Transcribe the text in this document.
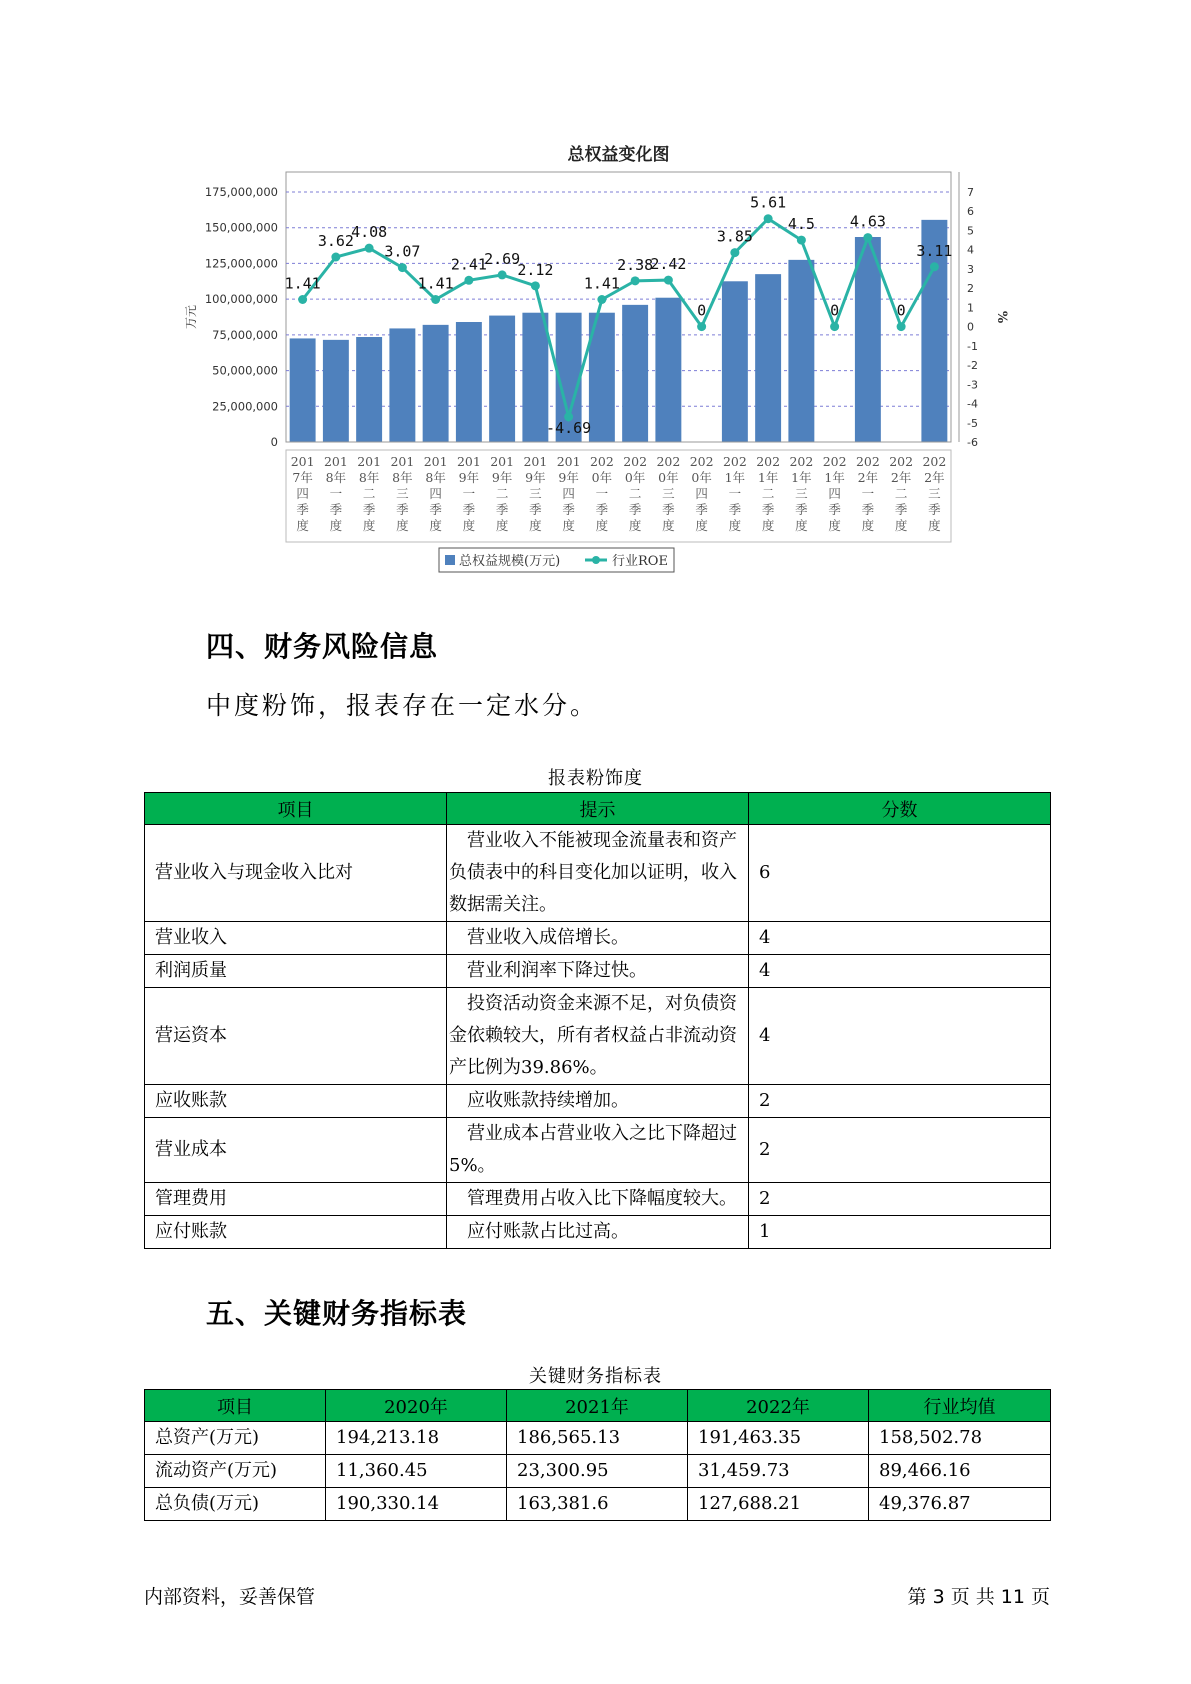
总权益变化图
0
25,000,000
50,000,000
75,000,000
100,000,000
125,000,000
150,000,000
175,000,000
-6
-5
-4
-3
-2
-1
0
1
2
3
4
5
6
7
万元	%
201
7年
四
季
度
201
8年
一
季
度
201
8年
二
季
度
201
8年
三
季
度
201
8年
四
季
度
201
9年
一
季
度
201
9年
二
季
度
201
9年
三
季
度
201
9年
四
季
度
202
0年
一
季
度
202
0年
二
季
度
202
0年
三
季
度
202
0年
四
季
度
202
1年
一
季
度
202
1年
二
季
度
202
1年
三
季
度
202
1年
四
季
度
202
2年
一
季
度
202
2年
二
季
度
202
2年
三
季
度
1.41
3.62
4.08
3.07
1.41
2.41
2.69
2.12
-4.69
1.41
2.38
2.42
0
3.85
5.61
4.5
0
4.63
0
3.11
总权益规模(万元)	行业ROE
四、财务风险信息
中度粉饰，报表存在一定水分。
报表粉饰度
项目	提示	分数
营业收入与现金收入比对	　营业收入不能被现金流量表和资产负债表中的科目变化加以证明，收入数据需关注。	6
营业收入	　营业收入成倍增长。	4
利润质量	　营业利润率下降过快。	4
营运资本	　投资活动资金来源不足，对负债资金依赖较大，所有者权益占非流动资产比例为39.86%。	4
应收账款	　应收账款持续增加。	2
营业成本	　营业成本占营业收入之比下降超过5%。	2
管理费用	　管理费用占收入比下降幅度较大。	2
应付账款	　应付账款占比过高。	1
五、关键财务指标表
关键财务指标表
项目	2020年	2021年	2022年	行业均值
总资产(万元)	194,213.18	186,565.13	191,463.35	158,502.78
流动资产(万元)	11,360.45	23,300.95	31,459.73	89,466.16
总负债(万元)	190,330.14	163,381.6	127,688.21	49,376.87
内部资料，妥善保管	第 3 页 共 11 页
